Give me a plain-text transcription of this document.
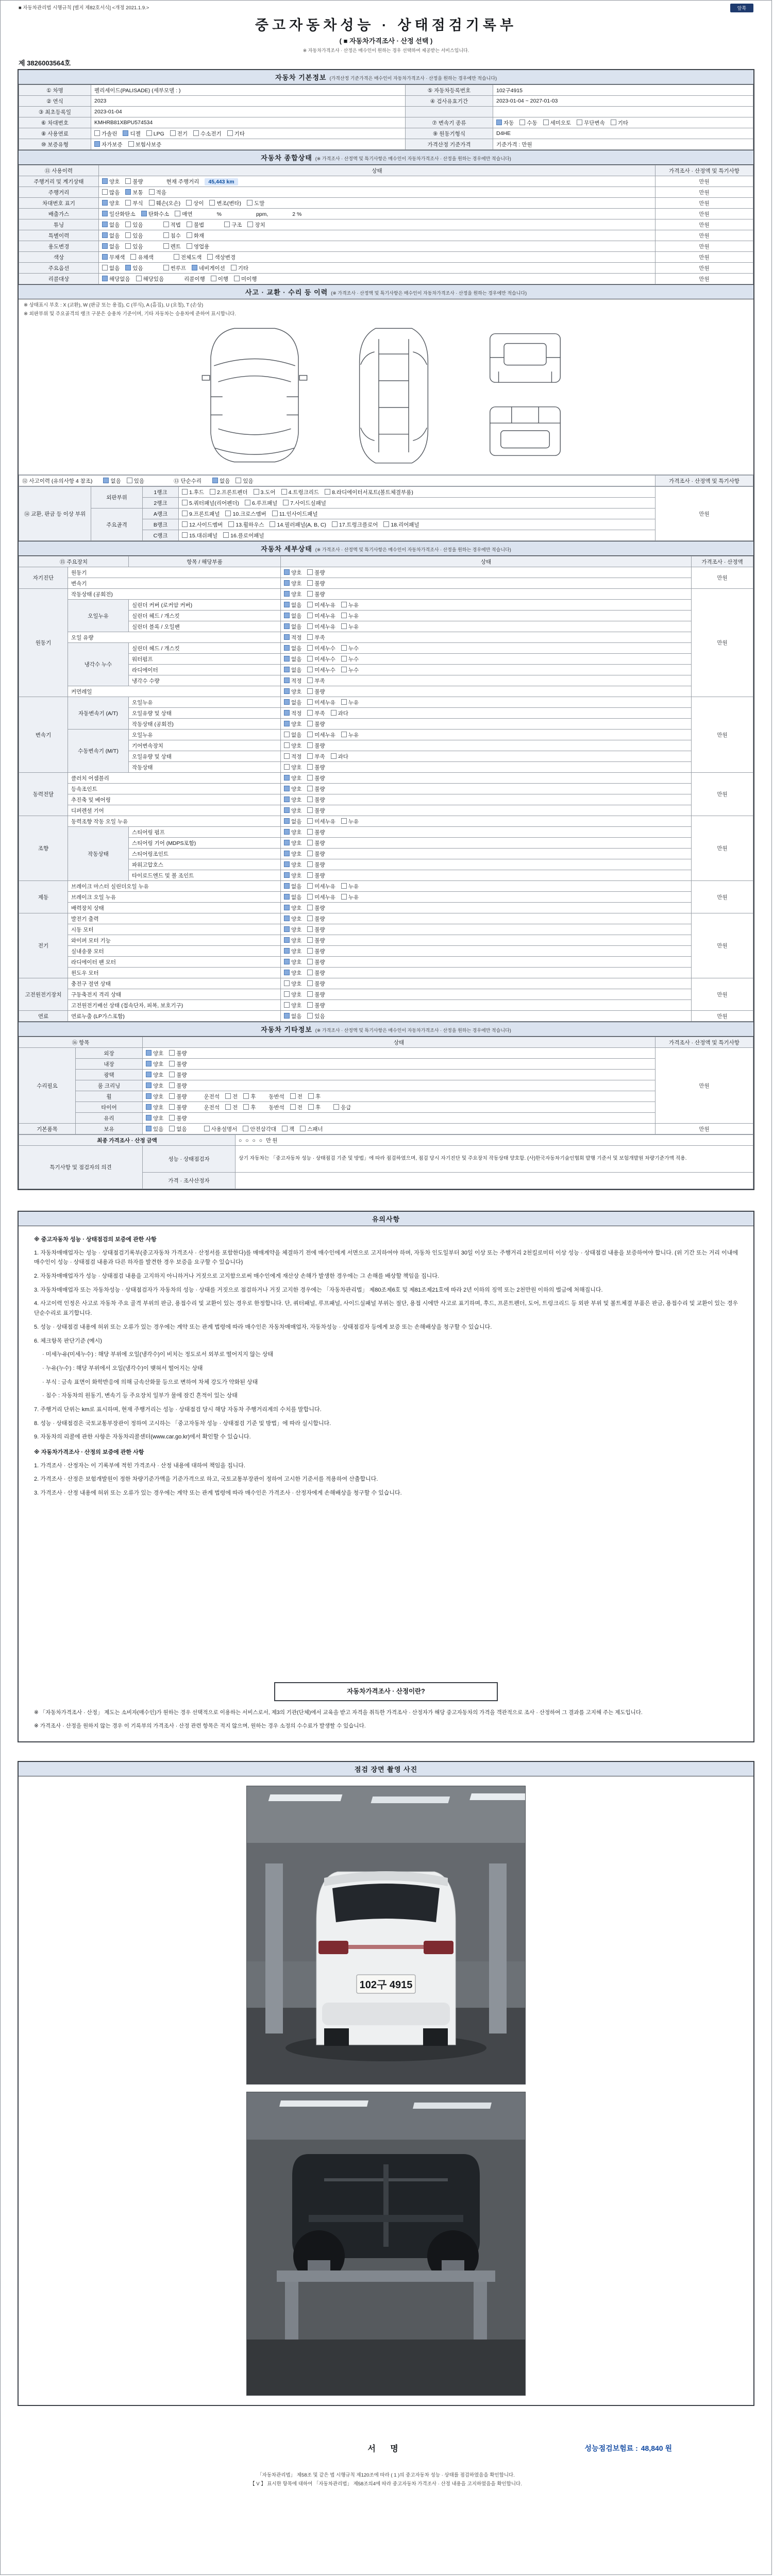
■ 자동차관리법 시행규칙 [별지 제82호서식] <개정 2021.1.9.>	앞쪽
중고자동차성능 · 상태점검기록부
( ■ 자동차가격조사 · 산정 선택 )
※ 자동차가격조사 · 산정은 매수인이 원하는 경우 선택하여 제공받는 서비스입니다.
제 3826003564호
자동차 기본정보 (가격산정 기준가격은 매수인이 자동차가격조사 · 산정을 원하는 경우에만 적습니다)
① 차명	펠리세이드(PALISADE) (세부모델 : )	⑤ 자동차등록번호	102구4915
② 연식	2023	④ 검사유효기간	2023-01-04 ~ 2027-01-03
③ 최초등록일	2023-01-04		
⑥ 차대번호	KMHRB81XBPU574534	⑦ 변속기 종류	자동 수동 세미오토 무단변속 기타
⑧ 사용연료	가솔린 디젤 LPG 전기 수소전기 기타	⑨ 원동기형식	D4HE
⑩ 보증유형	자가보증 보험사보증	가격산정 기준가격	기준가격 : 만원
자동차 종합상태 (※ 가격조사 · 산정액 및 특기사항은 매수인이 자동차가격조사 · 산정을 원하는 경우에만 적습니다)
⑪ 사용이력	상태	가격조사 · 산정액 및 특기사항
주행거리 및 계기상태	양호 불량 현재 주행거리 45,443 km	만원
주행거리	많음 보통 적음	만원
차대번호 표기	양호 부식 훼손(오손) 상이 변조(변타) 도말	만원
배출가스	일산화탄소 탄화수소 매연 % ppm, 2 %	만원
튜닝	없음 있음 적법 불법 구조 장치	만원
특별이력	없음 있음 침수 화재	만원
용도변경	없음 있음 렌트 영업용	만원
색상	무채색 유채색 전체도색 색상변경	만원
주요옵션	없음 있음 썬루프 네비게이션 기타	만원
리콜대상	해당없음 해당있음 리콜이행 이행 미이행	만원
사고 · 교환 · 수리 등 이력 (※ 가격조사 · 산정액 및 특기사항은 매수인이 자동차가격조사 · 산정을 원하는 경우에만 적습니다)
※ 상태표시 부호 : X (교환), W (판금 또는 용접), C (부식), A (흠집), U (요철), T (손상)
※ 외판부위 및 주요골격의 랭크 구분은 승용차 기준이며, 기타 자동차는 승용차에 준하여 표시합니다.
⑫ 사고이력 (유의사항 4 참조)	없음 있음	⑬ 단순수리	없음 있음	가격조사 · 산정액 및 특기사항
⑭ 교환, 판금 등 이상 부위	외판부위	1랭크	1.후드 2.프론트펜더 3.도어 4.트렁크리드 8.라디에이터서포트(볼트체결부품)	만원
		2랭크	5.쿼터패널(리어펜더) 6.루프패널 7.사이드실패널	
	주요골격	A랭크	9.프론트패널 10.크로스멤버 11.인사이드패널	
		B랭크	12.사이드멤버 13.휠하우스 14.필러패널(A, B, C) 17.트렁크플로어 18.리어패널	
		C랭크	15.대쉬패널 16.플로어패널	
자동차 세부상태 (※ 가격조사 · 산정액 및 특기사항은 매수인이 자동차가격조사 · 산정을 원하는 경우에만 적습니다)
⑮ 주요장치		항목 / 해당부품	상태	가격조사 · 산정액
자기진단	원동기		양호 불량	만원
	변속기		양호 불량	
원동기	작동상태 (공회전)		양호 불량	만원
	오일누유	실린더 커버 (로커암 커버)	없음 미세누유 누유	
		실린더 헤드 / 개스킷	없음 미세누유 누유	
		실린더 블록 / 오일팬	없음 미세누유 누유	
	오일 유량		적정 부족	
	냉각수 누수	실린더 헤드 / 개스킷	없음 미세누수 누수	
		워터펌프	없음 미세누수 누수	
		라디에이터	없음 미세누수 누수	
		냉각수 수량	적정 부족	
	커먼레일		양호 불량	
변속기	자동변속기 (A/T)	오일누유	없음 미세누유 누유	만원
		오일유량 및 상태	적정 부족 과다	
		작동상태 (공회전)	양호 불량	
	수동변속기 (M/T)	오일누유	없음 미세누유 누유	
		기어변속장치	양호 불량	
		오일유량 및 상태	적정 부족 과다	
		작동상태	양호 불량	
동력전달	클러치 어셈블리		양호 불량	만원
	등속조인트		양호 불량	
	추진축 및 베어링		양호 불량	
	디퍼렌셜 기어		양호 불량	
조향	동력조향 작동 오일 누유		없음 미세누유 누유	만원
	작동상태	스티어링 펌프	양호 불량	
		스티어링 기어 (MDPS포함)	양호 불량	
		스티어링조인트	양호 불량	
		파워고압호스	양호 불량	
		타이로드엔드 및 볼 조인트	양호 불량	
제동	브레이크 마스터 실린더오일 누유		없음 미세누유 누유	만원
	브레이크 오일 누유		없음 미세누유 누유	
	배력장치 상태		양호 불량	
전기	발전기 출력		양호 불량	만원
	시동 모터		양호 불량	
	와이퍼 모터 기능		양호 불량	
	실내송풍 모터		양호 불량	
	라디에이터 팬 모터		양호 불량	
	윈도우 모터		양호 불량	
고전원전기장치	충전구 절연 상태		양호 불량	만원
	구동축전지 격리 상태		양호 불량	
	고전원전기배선 상태 (접속단자, 피복, 보호기구)		양호 불량	
연료	연료누출 (LP가스포함)		없음 있음	만원
자동차 기타정보 (※ 가격조사 · 산정액 및 특기사항은 매수인이 자동차가격조사 · 산정을 원하는 경우에만 적습니다)
⑯ 항목		상태	가격조사 · 산정액 및 특기사항
수리필요	외장	양호 불량	만원
	내장	양호 불량	
	광택	양호 불량	
	룸 크리닝	양호 불량	
	휠	양호 불량 운전석 전 후 동반석 전 후	
	타이어	양호 불량 운전석 전 후 동반석 전 후 응급	
	유리	양호 불량	
기본품목	보유	있음 없음 사용설명서 안전삼각대 잭 스패너	만원
최종 가격조사 · 산정 금액		○ ○ ○ ○ 만원
특기사항 및 점검자의 의견	성능 · 상태점검자	상기 자동차는 「중고자동차 성능 · 상태점검 기준 및 방법」에 따라 점검하였으며, 점검 당시 자기진단 및 주요장치 작동상태 양호함. (사)한국자동차기술인협회 발행 기준서 및 보험개발원 차량기준가액 적용.
	가격 · 조사산정자	
유의사항
※ 중고자동차 성능 · 상태점검의 보증에 관한 사항
1. 자동차매매업자는 성능 · 상태점검기록부(중고자동차 가격조사 · 산정서를 포함한다)를 매매계약을 체결하기 전에 매수인에게 서면으로 고지하여야 하며, 자동차 인도일부터 30일 이상 또는 주행거리 2천킬로미터 이상 성능 · 상태점검 내용을 보증하여야 합니다. (위 기간 또는 거리 이내에 매수인이 성능 · 상태점검 내용과 다른 하자를 발견한 경우 보증을 요구할 수 있습니다)
2. 자동차매매업자가 성능 · 상태점검 내용을 고지하지 아니하거나 거짓으로 고지함으로써 매수인에게 재산상 손해가 발생한 경우에는 그 손해를 배상할 책임을 집니다.
3. 자동차매매업자 또는 자동차성능 · 상태점검자가 자동차의 성능 · 상태를 거짓으로 점검하거나 거짓 고지한 경우에는 「자동차관리법」 제80조제6호 및 제81조제21호에 따라 2년 이하의 징역 또는 2천만원 이하의 벌금에 처해집니다.
4. 사고이력 인정은 사고로 자동차 주요 골격 부위의 판금, 용접수리 및 교환이 있는 경우로 한정합니다. 단, 쿼터패널, 루프패널, 사이드실패널 부위는 절단, 용접 시에만 사고로 표기하며, 후드, 프론트펜더, 도어, 트렁크리드 등 외판 부위 및 볼트체결 부품은 판금, 용접수리 및 교환이 있는 경우 단순수리로 표기합니다.
5. 성능 · 상태점검 내용에 허위 또는 오류가 있는 경우에는 계약 또는 관계 법령에 따라 매수인은 자동차매매업자, 자동차성능 · 상태점검자 등에게 보증 또는 손해배상을 청구할 수 있습니다.
6. 체크항목 판단기준 (예시)
· 미세누유(미세누수) : 해당 부위에 오일(냉각수)이 비치는 정도로서 외부로 떨어지지 않는 상태
· 누유(누수) : 해당 부위에서 오일(냉각수)이 맺혀서 떨어지는 상태
· 부식 : 금속 표면이 화학반응에 의해 금속산화물 등으로 변하여 차체 강도가 약화된 상태
· 침수 : 자동차의 원동기, 변속기 등 주요장치 일부가 물에 잠긴 흔적이 있는 상태
7. 주행거리 단위는 km로 표시하며, 현재 주행거리는 성능 · 상태점검 당시 해당 자동차 주행거리계의 수치를 말합니다.
8. 성능 · 상태점검은 국토교통부장관이 정하여 고시하는 「중고자동차 성능 · 상태점검 기준 및 방법」에 따라 실시합니다.
9. 자동차의 리콜에 관한 사항은 자동차리콜센터(www.car.go.kr)에서 확인할 수 있습니다.
※ 자동차가격조사 · 산정의 보증에 관한 사항
1. 가격조사 · 산정자는 이 기록부에 적힌 가격조사 · 산정 내용에 대하여 책임을 집니다.
2. 가격조사 · 산정은 보험개발원이 정한 차량기준가액을 기준가격으로 하고, 국토교통부장관이 정하여 고시한 기준서를 적용하여 산출합니다.
3. 가격조사 · 산정 내용에 허위 또는 오류가 있는 경우에는 계약 또는 관계 법령에 따라 매수인은 가격조사 · 산정자에게 손해배상을 청구할 수 있습니다.
자동차가격조사 · 산정이란?
※ 「자동차가격조사 · 산정」 제도는 소비자(매수인)가 원하는 경우 선택적으로 이용하는 서비스로서, 제3의 기관(단체)에서 교육을 받고 자격을 취득한 가격조사 · 산정자가 해당 중고자동차의 가격을 객관적으로 조사 · 산정하여 그 결과를 고지해 주는 제도입니다.
※ 가격조사 · 산정을 원하지 않는 경우 이 기록부의 가격조사 · 산정 관련 항목은 적지 않으며, 원하는 경우 소정의 수수료가 발생할 수 있습니다.
점검 장면 촬영 사진
102구 4915
서 명	성능점검보험료 : 48,840 원
「자동차관리법」 제58조 및 같은 법 시행규칙 제120조에 따라 ( 1 )의 중고자동차 성능 · 상태를 점검하였음을 확인합니다.
【 V 】 표시한 항목에 대하여 「자동차관리법」 제58조의4에 따라 중고자동차 가격조사 · 산정 내용을 고지하였음을 확인합니다.
